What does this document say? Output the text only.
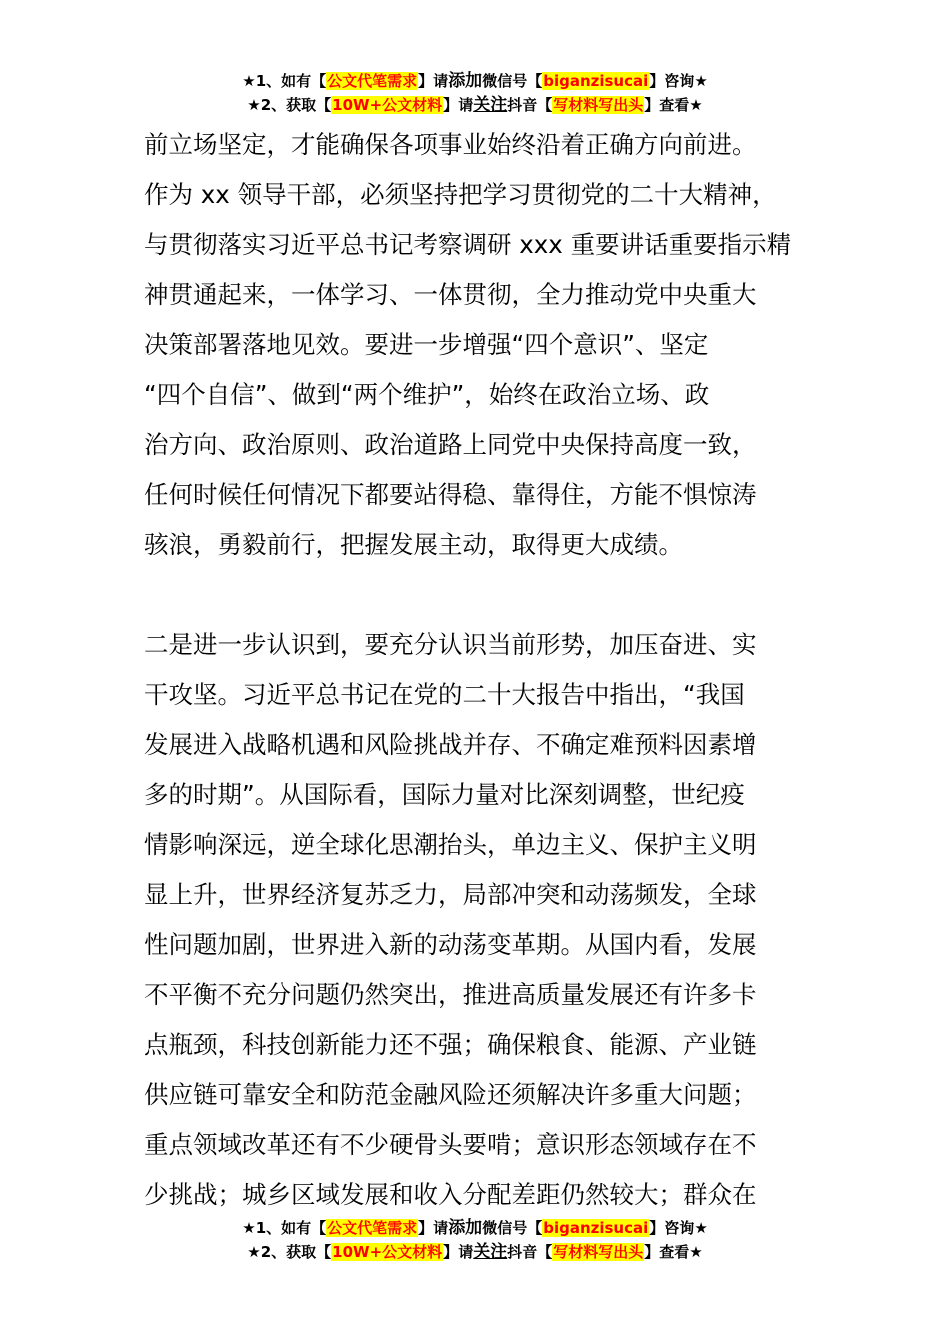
★1、如有【公文代笔需求】请添加微信号【biganzisucai】咨询★
★2、获取【10W+公文材料】请关注抖音【写材料写出头】查看★
前立场坚定，才能确保各项事业始终沿着正确方向前进。
作为 xx 领导干部，必须坚持把学习贯彻党的二十大精神，
与贯彻落实习近平总书记考察调研 xxx 重要讲话重要指示精
神贯通起来，一体学习、一体贯彻，全力推动党中央重大
决策部署落地见效。要进一步增强“四个意识”、坚定
“四个自信”、做到“两个维护”，始终在政治立场、政
治方向、政治原则、政治道路上同党中央保持高度一致，
任何时候任何情况下都要站得稳、靠得住，方能不惧惊涛
骇浪，勇毅前行，把握发展主动，取得更大成绩。
二是进一步认识到，要充分认识当前形势，加压奋进、实
干攻坚。习近平总书记在党的二十大报告中指出，“我国
发展进入战略机遇和风险挑战并存、不确定难预料因素增
多的时期”。从国际看，国际力量对比深刻调整，世纪疫
情影响深远，逆全球化思潮抬头，单边主义、保护主义明
显上升，世界经济复苏乏力，局部冲突和动荡频发，全球
性问题加剧，世界进入新的动荡变革期。从国内看，发展
不平衡不充分问题仍然突出，推进高质量发展还有许多卡
点瓶颈，科技创新能力还不强；确保粮食、能源、产业链
供应链可靠安全和防范金融风险还须解决许多重大问题；
重点领域改革还有不少硬骨头要啃；意识形态领域存在不
少挑战；城乡区域发展和收入分配差距仍然较大；群众在
★1、如有【公文代笔需求】请添加微信号【biganzisucai】咨询★
★2、获取【10W+公文材料】请关注抖音【写材料写出头】查看★
